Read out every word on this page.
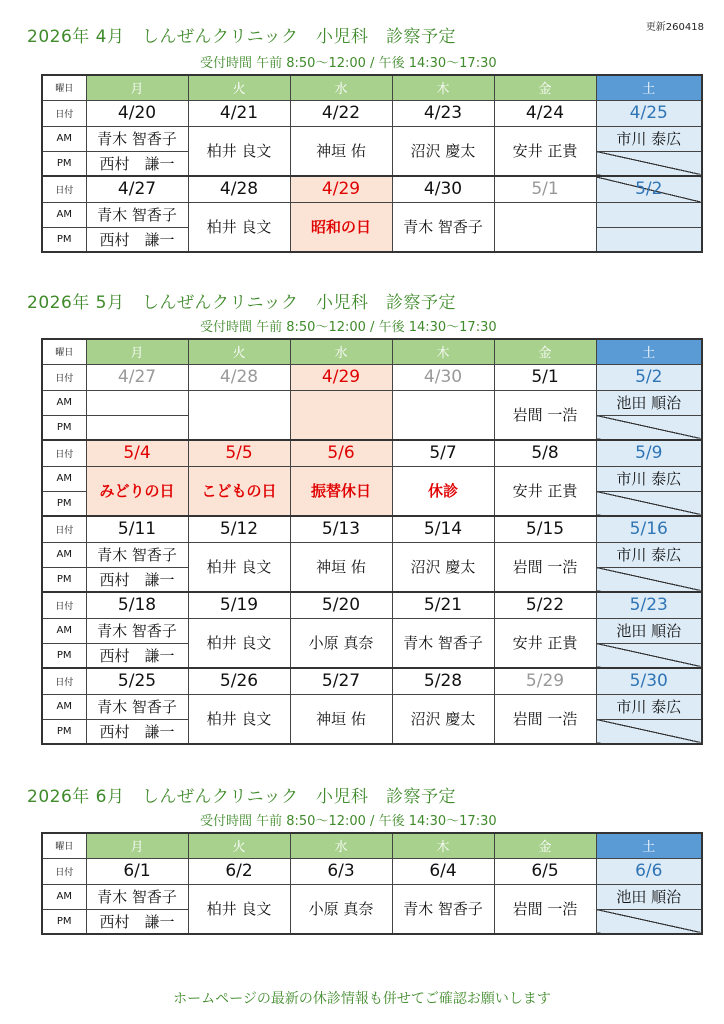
更新260418
2026年 4月　しんぜんクリニック　小児科　診察予定
受付時間 午前 8:50～12:00 / 午後 14:30～17:30
曜日	月	火	水	木	金	土
日付	4/20	4/21	4/22	4/23	4/24	4/25
AM	青木 智香子	柏井 良文	神垣 佑	沼沢 慶太	安井 正貴	市川 泰広
PM	西村　謙一					
日付	4/27	4/28	4/29	4/30	5/1	5/2
AM	青木 智香子	柏井 良文	昭和の日	青木 智香子		
PM	西村　謙一					
2026年 5月　しんぜんクリニック　小児科　診察予定
受付時間 午前 8:50～12:00 / 午後 14:30～17:30
曜日	月	火	水	木	金	土
日付	4/27	4/28	4/29	4/30	5/1	5/2
AM					岩間 一浩	池田 順治
PM						
日付	5/4	5/5	5/6	5/7	5/8	5/9
AM	みどりの日	こどもの日	振替休日	休診	安井 正貴	市川 泰広
PM						
日付	5/11	5/12	5/13	5/14	5/15	5/16
AM	青木 智香子	柏井 良文	神垣 佑	沼沢 慶太	岩間 一浩	市川 泰広
PM	西村　謙一					
日付	5/18	5/19	5/20	5/21	5/22	5/23
AM	青木 智香子	柏井 良文	小原 真奈	青木 智香子	安井 正貴	池田 順治
PM	西村　謙一					
日付	5/25	5/26	5/27	5/28	5/29	5/30
AM	青木 智香子	柏井 良文	神垣 佑	沼沢 慶太	岩間 一浩	市川 泰広
PM	西村　謙一					
2026年 6月　しんぜんクリニック　小児科　診察予定
受付時間 午前 8:50～12:00 / 午後 14:30～17:30
曜日	月	火	水	木	金	土
日付	6/1	6/2	6/3	6/4	6/5	6/6
AM	青木 智香子	柏井 良文	小原 真奈	青木 智香子	岩間 一浩	池田 順治
PM	西村　謙一					
ホームページの最新の休診情報も併せてご確認お願いします
